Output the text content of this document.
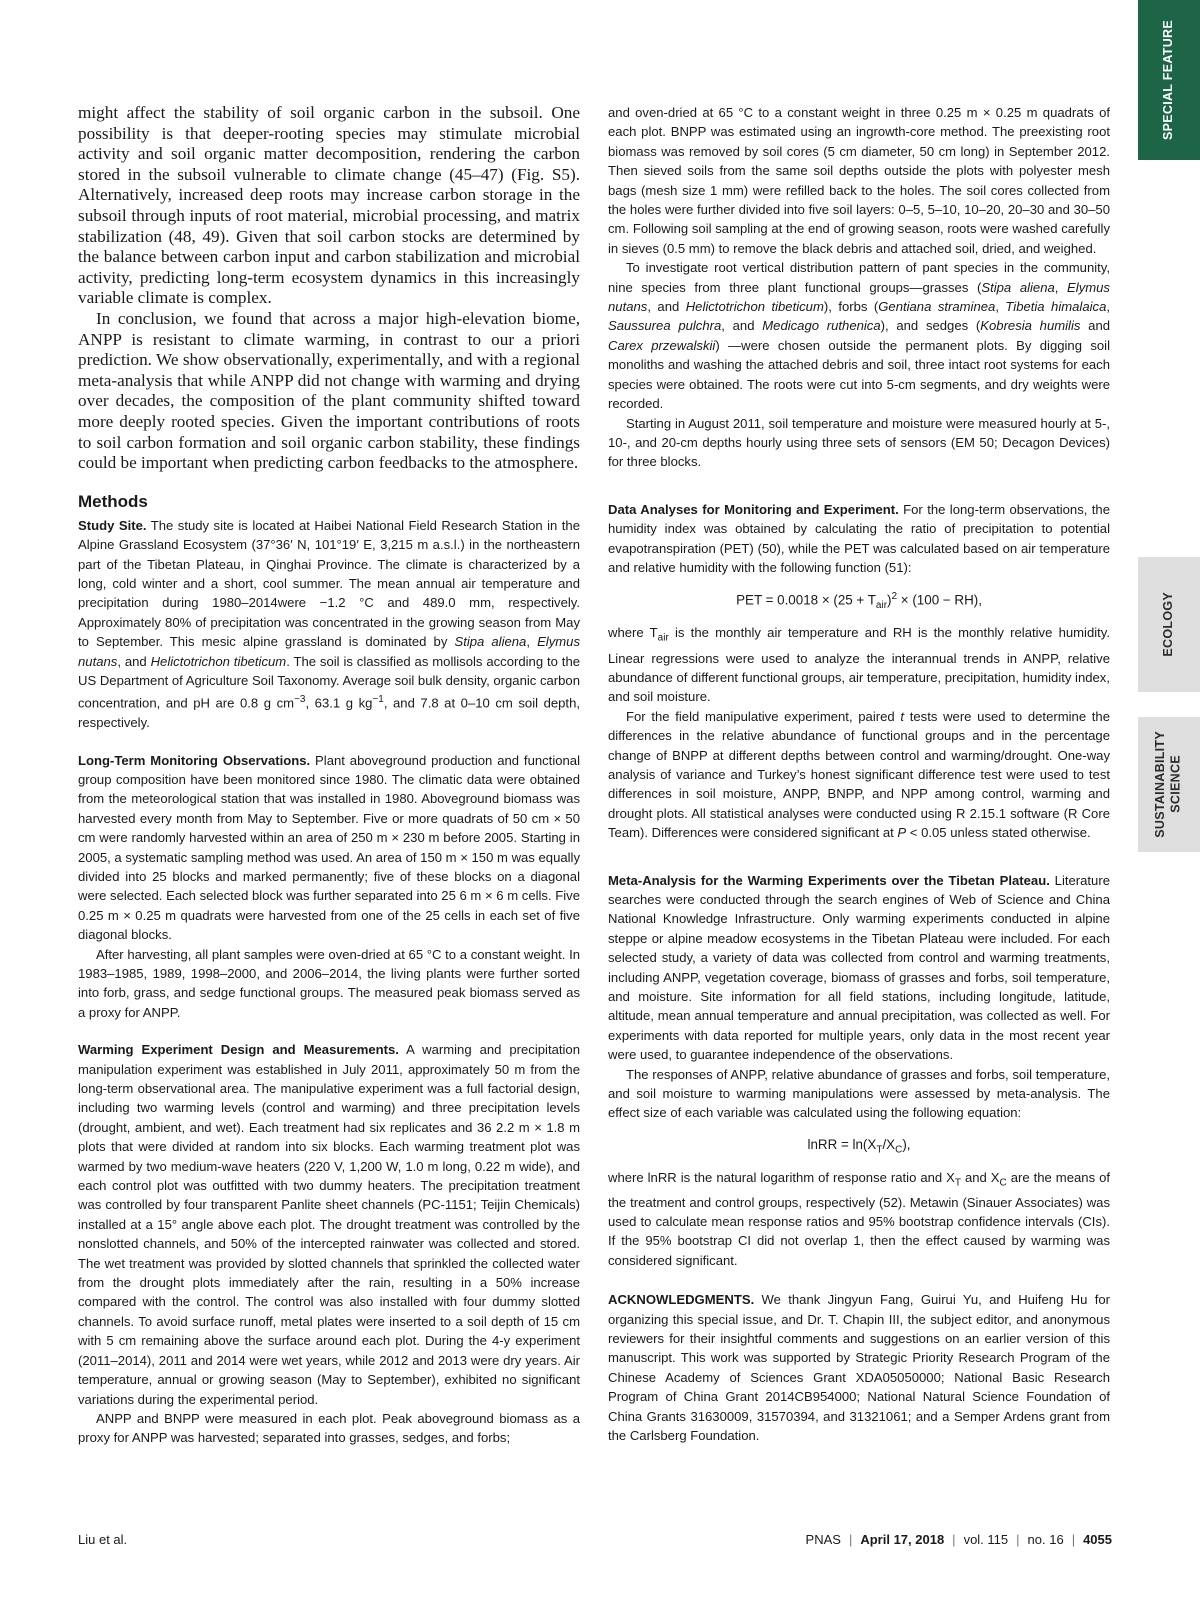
SPECIAL FEATURE
ECOLOGY
SUSTAINABILITY
SCIENCE

might affect the stability of soil organic carbon in the subsoil. One possibility is that deeper-rooting species may stimulate microbial activity and soil organic matter decomposition, rendering the carbon stored in the subsoil vulnerable to climate change (45–47) (Fig. S5). Alternatively, increased deep roots may increase carbon storage in the subsoil through inputs of root material, microbial processing, and matrix stabilization (48, 49). Given that soil carbon stocks are determined by the balance between carbon input and carbon stabilization and microbial activity, predicting long-term ecosystem dynamics in this increasingly variable climate is complex.

In conclusion, we found that across a major high-elevation biome, ANPP is resistant to climate warming, in contrast to our a priori prediction. We show observationally, experimentally, and with a regional meta-analysis that while ANPP did not change with warming and drying over decades, the composition of the plant community shifted toward more deeply rooted species. Given the important contributions of roots to soil carbon formation and soil organic carbon stability, these findings could be important when predicting carbon feedbacks to the atmosphere.

Methods

Study Site. The study site is located at Haibei National Field Research Station in the Alpine Grassland Ecosystem (37°36′ N, 101°19′ E, 3,215 m a.s.l.) in the northeastern part of the Tibetan Plateau, in Qinghai Province. The climate is characterized by a long, cold winter and a short, cool summer. The mean annual air temperature and precipitation during 1980–2014were −1.2 °C and 489.0 mm, respectively. Approximately 80% of precipitation was concentrated in the growing season from May to September. This mesic alpine grassland is dominated by Stipa aliena, Elymus nutans, and Helictotrichon tibeticum. The soil is classified as mollisols according to the US Department of Agriculture Soil Taxonomy. Average soil bulk density, organic carbon concentration, and pH are 0.8 g $cm^{-3}$, 63.1 g $kg^{-1}$, and 7.8 at 0–10 cm soil depth, respectively.

Long-Term Monitoring Observations. Plant aboveground production and functional group composition have been monitored since 1980. The climatic data were obtained from the meteorological station that was installed in 1980. Aboveground biomass was harvested every month from May to September. Five or more quadrats of 50 cm × 50 cm were randomly harvested within an area of 250 m × 230 m before 2005. Starting in 2005, a systematic sampling method was used. An area of 150 m × 150 m was equally divided into 25 blocks and marked permanently; five of these blocks on a diagonal were selected. Each selected block was further separated into 25 6 m × 6 m cells. Five 0.25 m × 0.25 m quadrats were harvested from one of the 25 cells in each set of five diagonal blocks.

After harvesting, all plant samples were oven-dried at 65 °C to a constant weight. In 1983–1985, 1989, 1998–2000, and 2006–2014, the living plants were further sorted into forb, grass, and sedge functional groups. The measured peak biomass served as a proxy for ANPP.

Warming Experiment Design and Measurements. A warming and precipitation manipulation experiment was established in July 2011, approximately 50 m from the long-term observational area. The manipulative experiment was a full factorial design, including two warming levels (control and warming) and three precipitation levels (drought, ambient, and wet). Each treatment had six replicates and 36 2.2 m × 1.8 m plots that were divided at random into six blocks. Each warming treatment plot was warmed by two medium-wave heaters (220 V, 1,200 W, 1.0 m long, 0.22 m wide), and each control plot was outfitted with two dummy heaters. The precipitation treatment was controlled by four transparent Panlite sheet channels (PC-1151; Teijin Chemicals) installed at a 15° angle above each plot. The drought treatment was controlled by the nonslotted channels, and 50% of the intercepted rainwater was collected and stored. The wet treatment was provided by slotted channels that sprinkled the collected water from the drought plots immediately after the rain, resulting in a 50% increase compared with the control. The control was also installed with four dummy slotted channels. To avoid surface runoff, metal plates were inserted to a soil depth of 15 cm with 5 cm remaining above the surface around each plot. During the 4-y experiment (2011–2014), 2011 and 2014 were wet years, while 2012 and 2013 were dry years. Air temperature, annual or growing season (May to September), exhibited no significant variations during the experimental period.

ANPP and BNPP were measured in each plot. Peak aboveground biomass as a proxy for ANPP was harvested; separated into grasses, sedges, and forbs;

and oven-dried at 65 °C to a constant weight in three 0.25 m × 0.25 m quadrats of each plot. BNPP was estimated using an ingrowth-core method. The preexisting root biomass was removed by soil cores (5 cm diameter, 50 cm long) in September 2012. Then sieved soils from the same soil depths outside the plots with polyester mesh bags (mesh size 1 mm) were refilled back to the holes. The soil cores collected from the holes were further divided into five soil layers: 0–5, 5–10, 10–20, 20–30 and 30–50 cm. Following soil sampling at the end of growing season, roots were washed carefully in sieves (0.5 mm) to remove the black debris and attached soil, dried, and weighed.

To investigate root vertical distribution pattern of pant species in the community, nine species from three plant functional groups—grasses (Stipa aliena, Elymus nutans, and Helictotrichon tibeticum), forbs (Gentiana straminea, Tibetia himalaica, Saussurea pulchra, and Medicago ruthenica), and sedges (Kobresia humilis and Carex przewalskii) —were chosen outside the permanent plots. By digging soil monoliths and washing the attached debris and soil, three intact root systems for each species were obtained. The roots were cut into 5-cm segments, and dry weights were recorded.

Starting in August 2011, soil temperature and moisture were measured hourly at 5-, 10-, and 20-cm depths hourly using three sets of sensors (EM 50; Decagon Devices) for three blocks.

Data Analyses for Monitoring and Experiment. For the long-term observations, the humidity index was obtained by calculating the ratio of precipitation to potential evapotranspiration (PET) (50), while the PET was calculated based on air temperature and relative humidity with the following function (51):

PET = $0.0018 \times (25 + T_{air})^2 \times (100 - RH)$,

where $T_{air}$ is the monthly air temperature and RH is the monthly relative humidity. Linear regressions were used to analyze the interannual trends in ANPP, relative abundance of different functional groups, air temperature, precipitation, humidity index, and soil moisture.

For the field manipulative experiment, paired t tests were used to determine the differences in the relative abundance of functional groups and in the percentage change of BNPP at different depths between control and warming/drought. One-way analysis of variance and Turkey’s honest significant difference test were used to test differences in soil moisture, ANPP, BNPP, and NPP among control, warming and drought plots. All statistical analyses were conducted using R 2.15.1 software (R Core Team). Differences were considered significant at P < 0.05 unless stated otherwise.

Meta-Analysis for the Warming Experiments over the Tibetan Plateau. Literature searches were conducted through the search engines of Web of Science and China National Knowledge Infrastructure. Only warming experiments conducted in alpine steppe or alpine meadow ecosystems in the Tibetan Plateau were included. For each selected study, a variety of data was collected from control and warming treatments, including ANPP, vegetation coverage, biomass of grasses and forbs, soil temperature, and moisture. Site information for all field stations, including longitude, latitude, altitude, mean annual temperature and annual precipitation, was collected as well. For experiments with data reported for multiple years, only data in the most recent year were used, to guarantee independence of the observations.

The responses of ANPP, relative abundance of grasses and forbs, soil temperature, and soil moisture to warming manipulations were assessed by meta-analysis. The effect size of each variable was calculated using the following equation:

lnRR = $\ln(X_T/X_C)$,

where lnRR is the natural logarithm of response ratio and $X_T$ and $X_C$ are the means of the treatment and control groups, respectively (52). Metawin (Sinauer Associates) was used to calculate mean response ratios and 95% bootstrap confidence intervals (CIs). If the 95% bootstrap CI did not overlap 1, then the effect caused by warming was considered significant.

ACKNOWLEDGMENTS. We thank Jingyun Fang, Guirui Yu, and Huifeng Hu for organizing this special issue, and Dr. T. Chapin III, the subject editor, and anonymous reviewers for their insightful comments and suggestions on an earlier version of this manuscript. This work was supported by Strategic Priority Research Program of the Chinese Academy of Sciences Grant XDA05050000; National Basic Research Program of China Grant 2014CB954000; National Natural Science Foundation of China Grants 31630009, 31570394, and 31321061; and a Semper Ardens grant from the Carlsberg Foundation.

Liu et al.	PNAS | April 17, 2018 | vol. 115 | no. 16 | 4055
